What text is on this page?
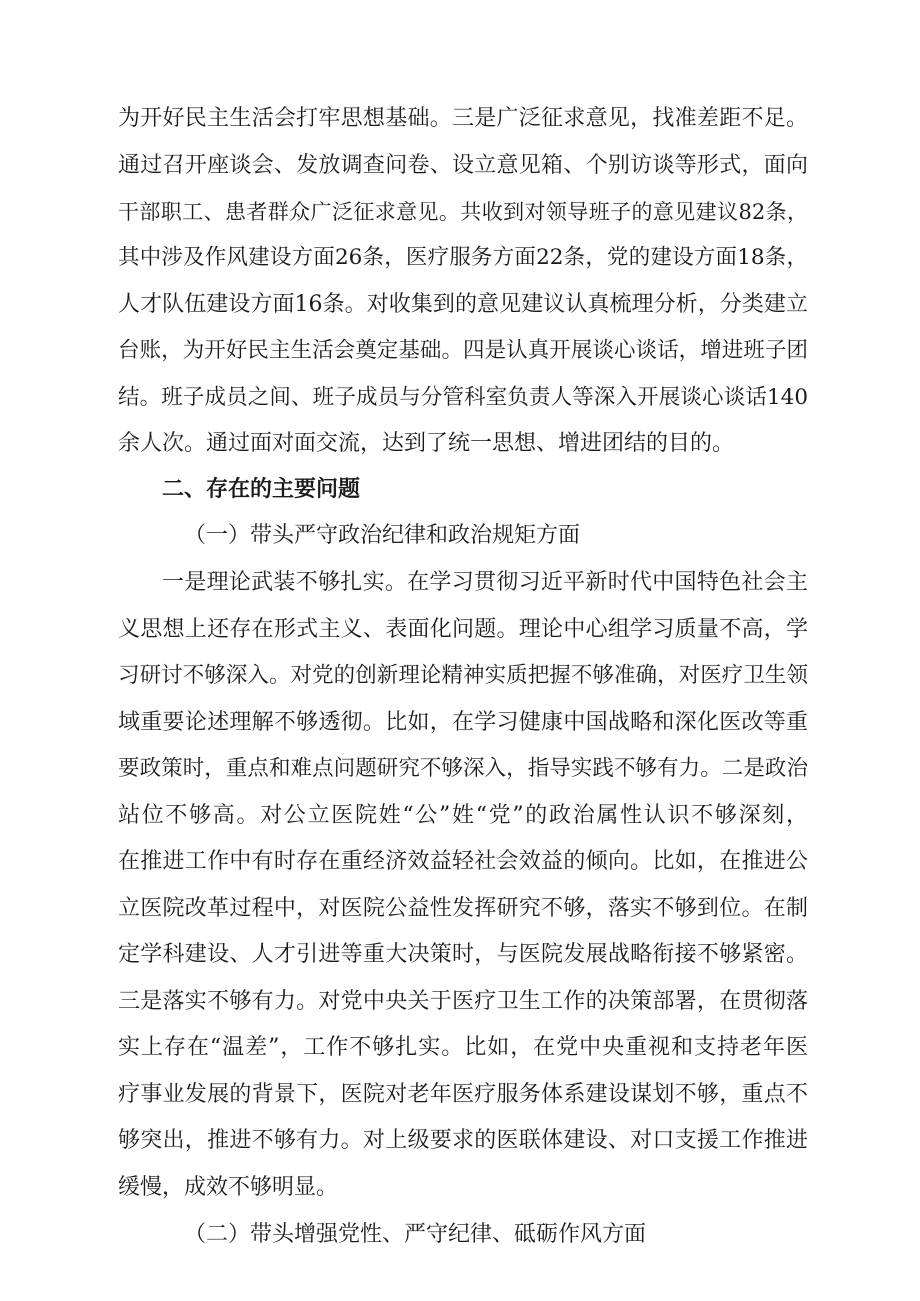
为开好民主生活会打牢思想基础。三是广泛征求意见，找准差距不足。
通过召开座谈会、发放调查问卷、设立意见箱、个别访谈等形式，面向
干部职工、患者群众广泛征求意见。共收到对领导班子的意见建议82条，
其中涉及作风建设方面26条，医疗服务方面22条，党的建设方面18条，
人才队伍建设方面16条。对收集到的意见建议认真梳理分析，分类建立
台账，为开好民主生活会奠定基础。四是认真开展谈心谈话，增进班子团
结。班子成员之间、班子成员与分管科室负责人等深入开展谈心谈话140
余人次。通过面对面交流，达到了统一思想、增进团结的目的。
二、存在的主要问题
（一）带头严守政治纪律和政治规矩方面
一是理论武装不够扎实。在学习贯彻习近平新时代中国特色社会主
义思想上还存在形式主义、表面化问题。理论中心组学习质量不高，学
习研讨不够深入。对党的创新理论精神实质把握不够准确，对医疗卫生领
域重要论述理解不够透彻。比如，在学习健康中国战略和深化医改等重
要政策时，重点和难点问题研究不够深入，指导实践不够有力。二是政治
站位不够高。对公立医院姓“公”姓“党”的政治属性认识不够深刻，
在推进工作中有时存在重经济效益轻社会效益的倾向。比如，在推进公
立医院改革过程中，对医院公益性发挥研究不够，落实不够到位。在制
定学科建设、人才引进等重大决策时，与医院发展战略衔接不够紧密。
三是落实不够有力。对党中央关于医疗卫生工作的决策部署，在贯彻落
实上存在“温差”，工作不够扎实。比如，在党中央重视和支持老年医
疗事业发展的背景下，医院对老年医疗服务体系建设谋划不够，重点不
够突出，推进不够有力。对上级要求的医联体建设、对口支援工作推进
缓慢，成效不够明显。
（二）带头增强党性、严守纪律、砥砺作风方面
